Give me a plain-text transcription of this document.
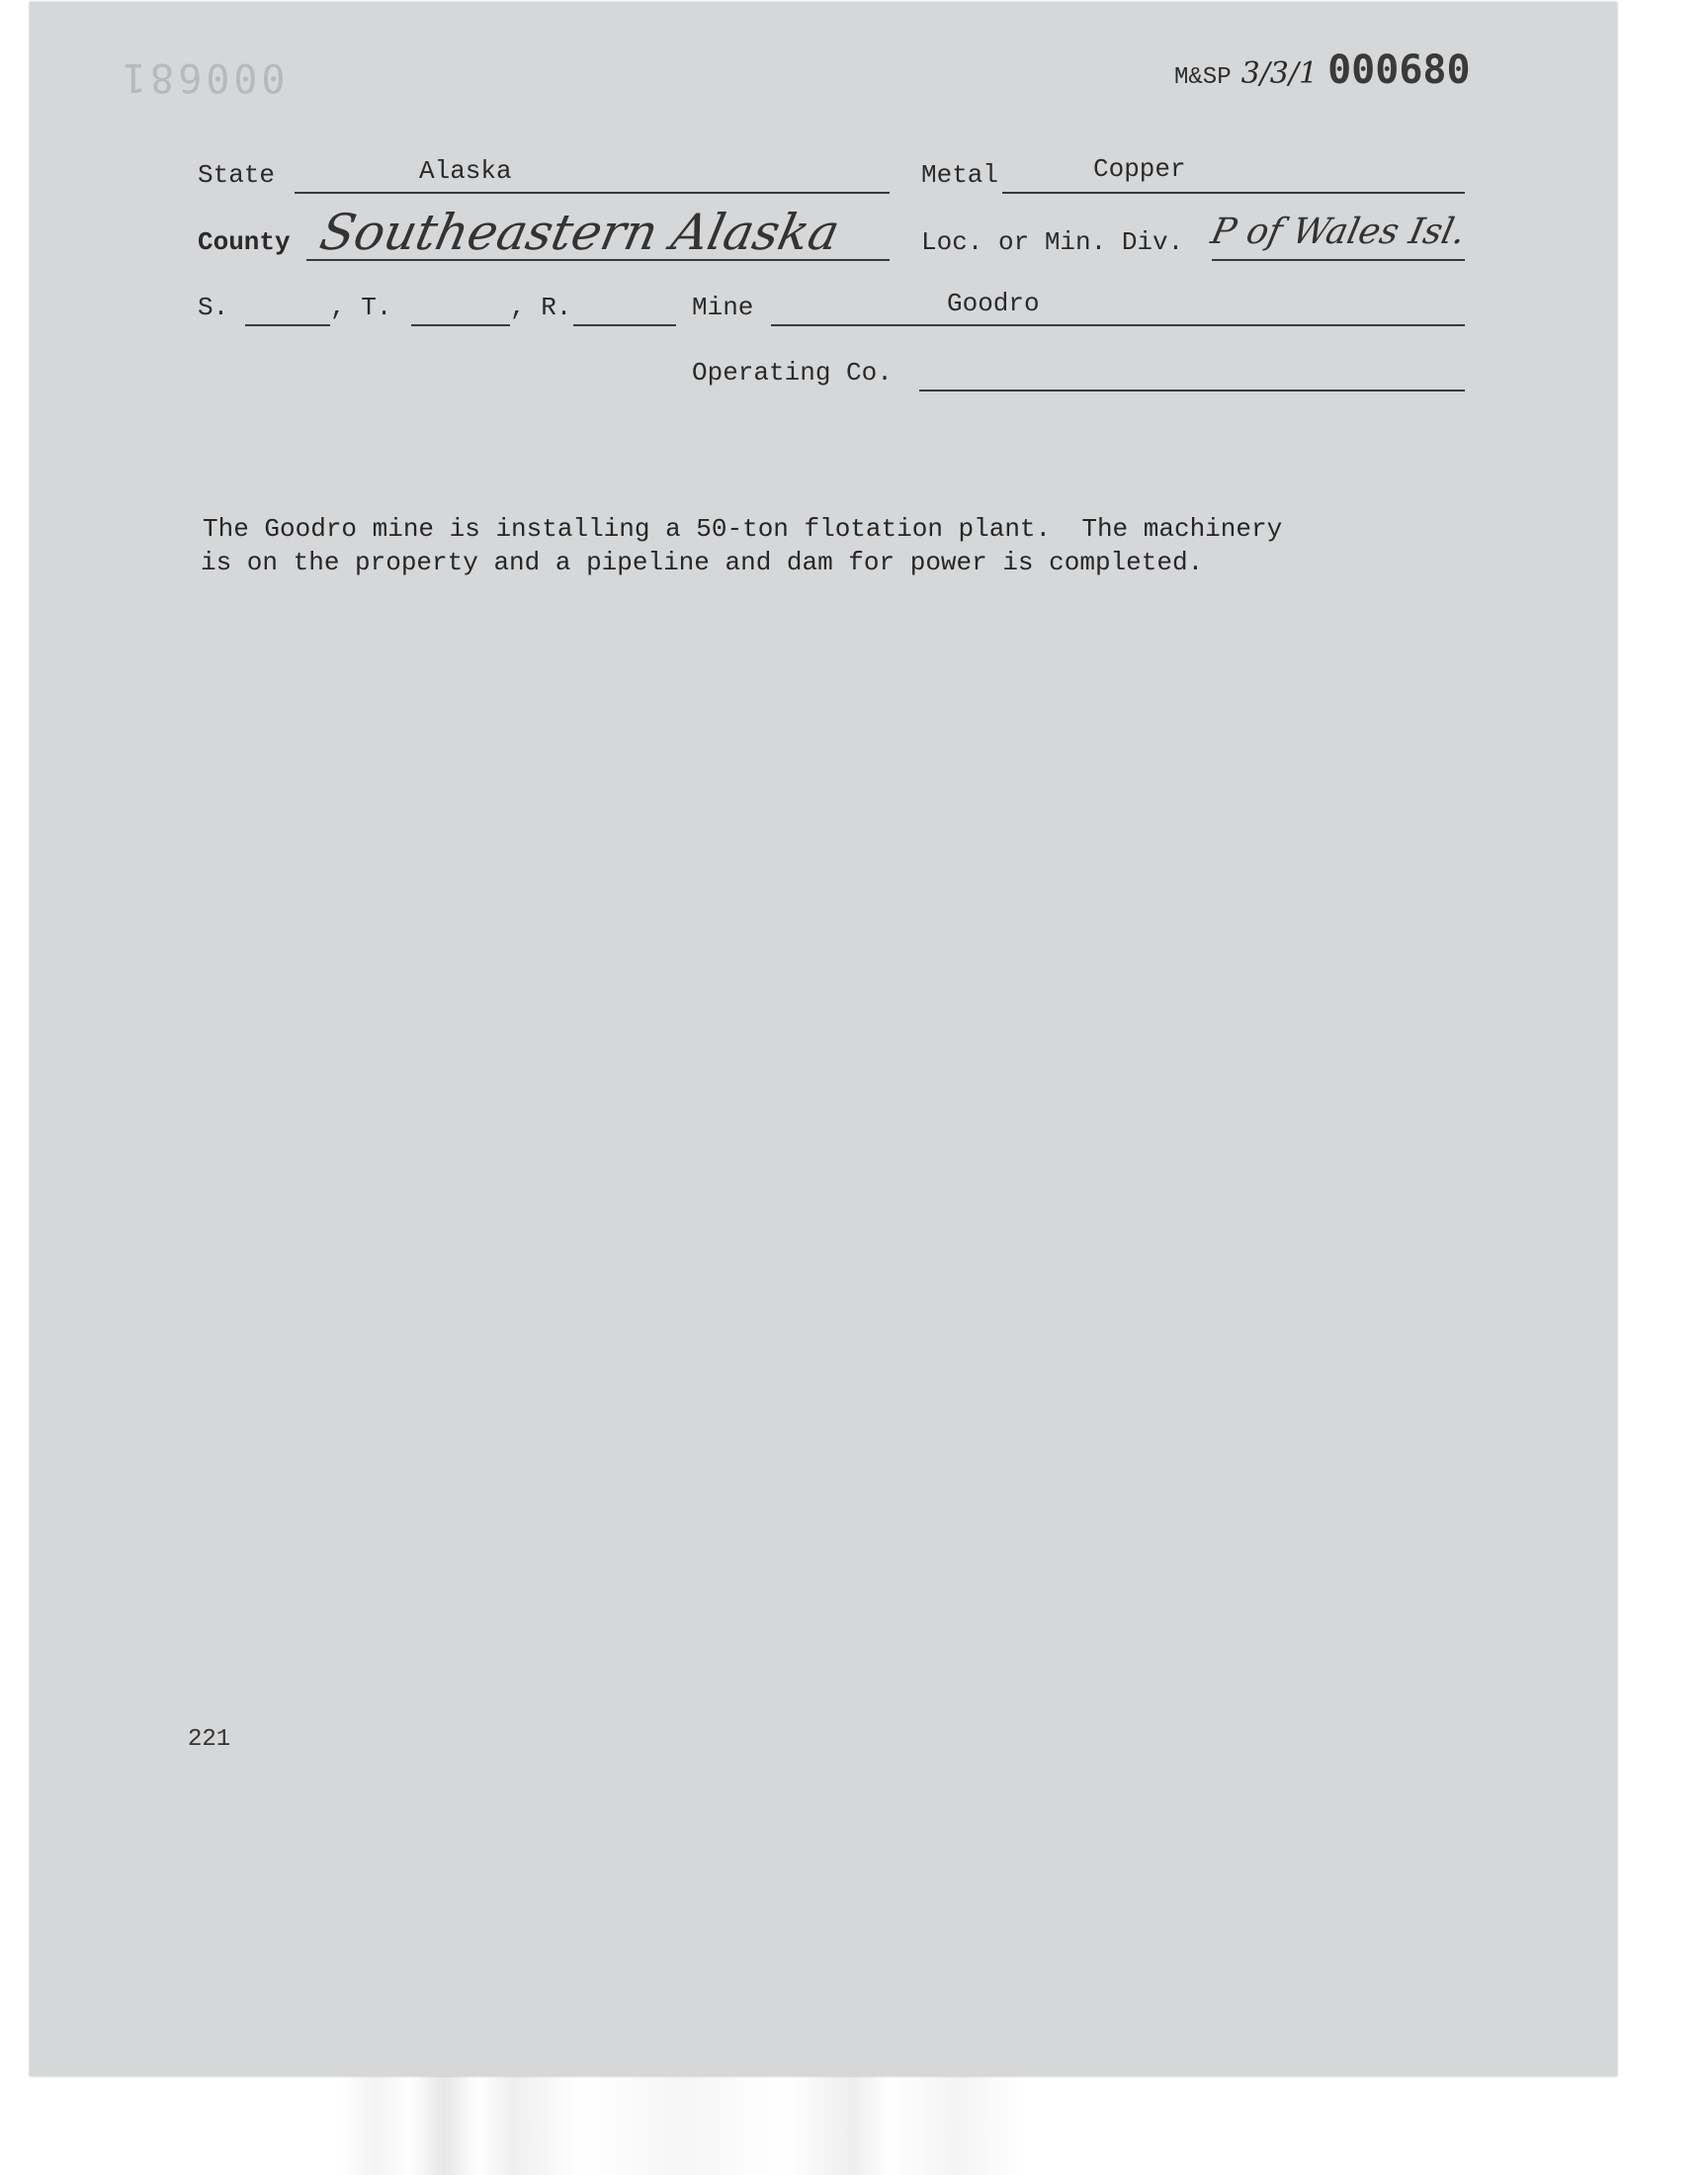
000681	M&SP 3/3/1 000680
State	Alaska	Metal	Copper
County Southeastern Alaska	Loc. or Min. Div. P of Wales Isl.
S.	, T.	, R.	Mine	Goodro
Operating Co.
The Goodro mine is installing a 50-ton flotation plant.  The machinery
is on the property and a pipeline and dam for power is completed.
221
